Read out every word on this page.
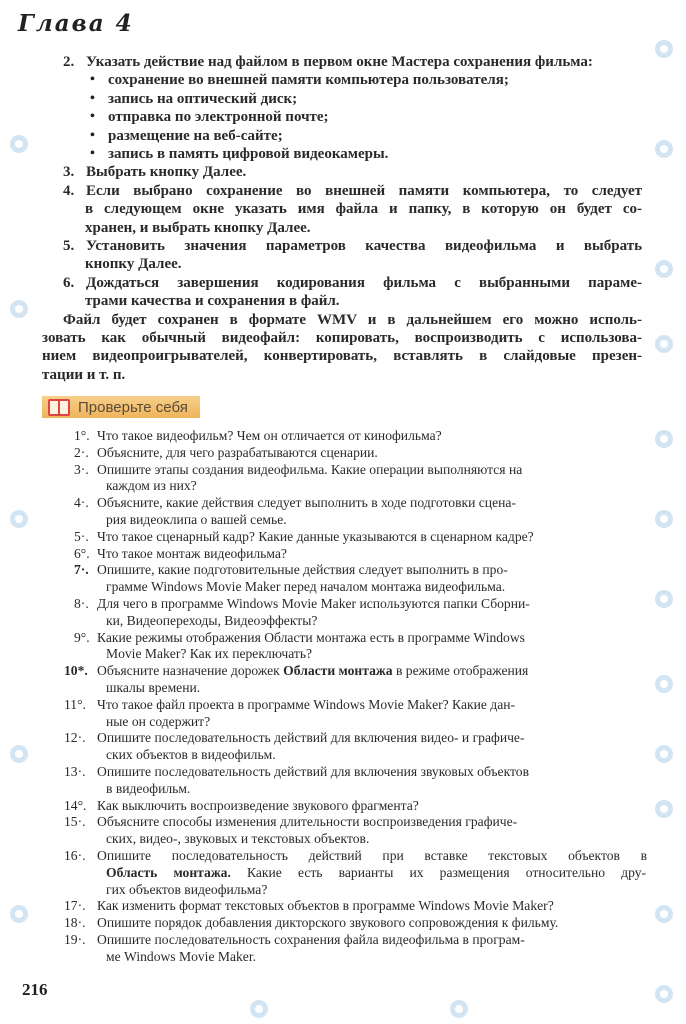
Глава 4
2. Указать действие над файлом в первом окне Мастера сохранения фильма:
• сохранение во внешней памяти компьютера пользователя;
• запись на оптический диск;
• отправка по электронной почте;
• размещение на веб-сайте;
• запись в память цифровой видеокамеры.
3. Выбрать кнопку Далее.
4. Если выбрано сохранение во внешней памяти компьютера, то следует
в следующем окне указать имя файла и папку, в которую он будет со-
хранен, и выбрать кнопку Далее.
5. Установить значения параметров качества видеофильма и выбрать
кнопку Далее.
6. Дождаться завершения кодирования фильма с выбранными параме-
трами качества и сохранения в файл.
Файл будет сохранен в формате WMV и в дальнейшем его можно исполь-
зовать как обычный видеофайл: копировать, воспроизводить с использова-
нием видеопроигрывателей, конвертировать, вставлять в слайдовые презен-
тации и т. п.
Проверьте себя
1°. Что такое видеофильм? Чем он отличается от кинофильма?
2·. Объясните, для чего разрабатываются сценарии.
3·. Опишите этапы создания видеофильма. Какие операции выполняются на
каждом из них?
4·. Объясните, какие действия следует выполнить в ходе подготовки сцена-
рия видеоклипа о вашей семье.
5·. Что такое сценарный кадр? Какие данные указываются в сценарном кадре?
6°. Что такое монтаж видеофильма?
7·. Опишите, какие подготовительные действия следует выполнить в про-
грамме Windows Movie Maker перед началом монтажа видеофильма.
8·. Для чего в программе Windows Movie Maker используются папки Сборни-
ки, Видеопереходы, Видеоэффекты?
9°. Какие режимы отображения Области монтажа есть в программе Windows
Movie Maker? Как их переключать?
10*. Объясните назначение дорожек Области монтажа в режиме отображения
шкалы времени.
11°. Что такое файл проекта в программе Windows Movie Maker? Какие дан-
ные он содержит?
12·. Опишите последовательность действий для включения видео- и графиче-
ских объектов в видеофильм.
13·. Опишите последовательность действий для включения звуковых объектов
в видеофильм.
14°. Как выключить воспроизведение звукового фрагмента?
15·. Объясните способы изменения длительности воспроизведения графиче-
ских, видео-, звуковых и текстовых объектов.
16·. Опишите последовательность действий при вставке текстовых объектов в
Область монтажа. Какие есть варианты их размещения относительно дру-
гих объектов видеофильма?
17·. Как изменить формат текстовых объектов в программе Windows Movie Maker?
18·. Опишите порядок добавления дикторского звукового сопровождения к фильму.
19·. Опишите последовательность сохранения файла видеофильма в програм-
ме Windows Movie Maker.
216
